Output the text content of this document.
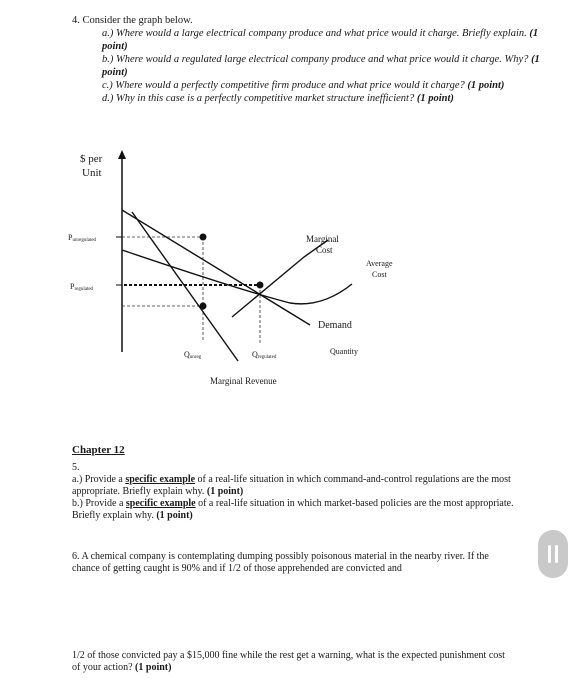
4. Consider the graph below.

a.) Where would a large electrical company produce and what price would it charge. Briefly explain. (1 point)

b.) Where would a regulated large electrical company produce and what price would it charge. Why? (1 point)

c.) Where would a perfectly competitive firm produce and what price would it charge? (1 point)

d.) Why in this case is a perfectly competitive market structure inefficient? (1 point)

$ per
Unit
Punregulated
Pregulated
Marginal
Cost
Average
Cost
Demand
Quantity
Qunreg	Qregulated
Marginal Revenue
Chapter 12

5.

a.) Provide a specific example of a real-life situation in which command-and-control regulations are the most appropriate. Briefly explain why. (1 point)

b.) Provide a specific example of a real-life situation in which market-based policies are the most appropriate. Briefly explain why. (1 point)

6. A chemical company is contemplating dumping possibly poisonous material in the nearby river. If the chance of getting caught is 90% and if 1/2 of those apprehended are convicted and
1/2 of those convicted pay a $15,000 fine while the rest get a warning, what is the expected punishment cost of your action? (1 point)
